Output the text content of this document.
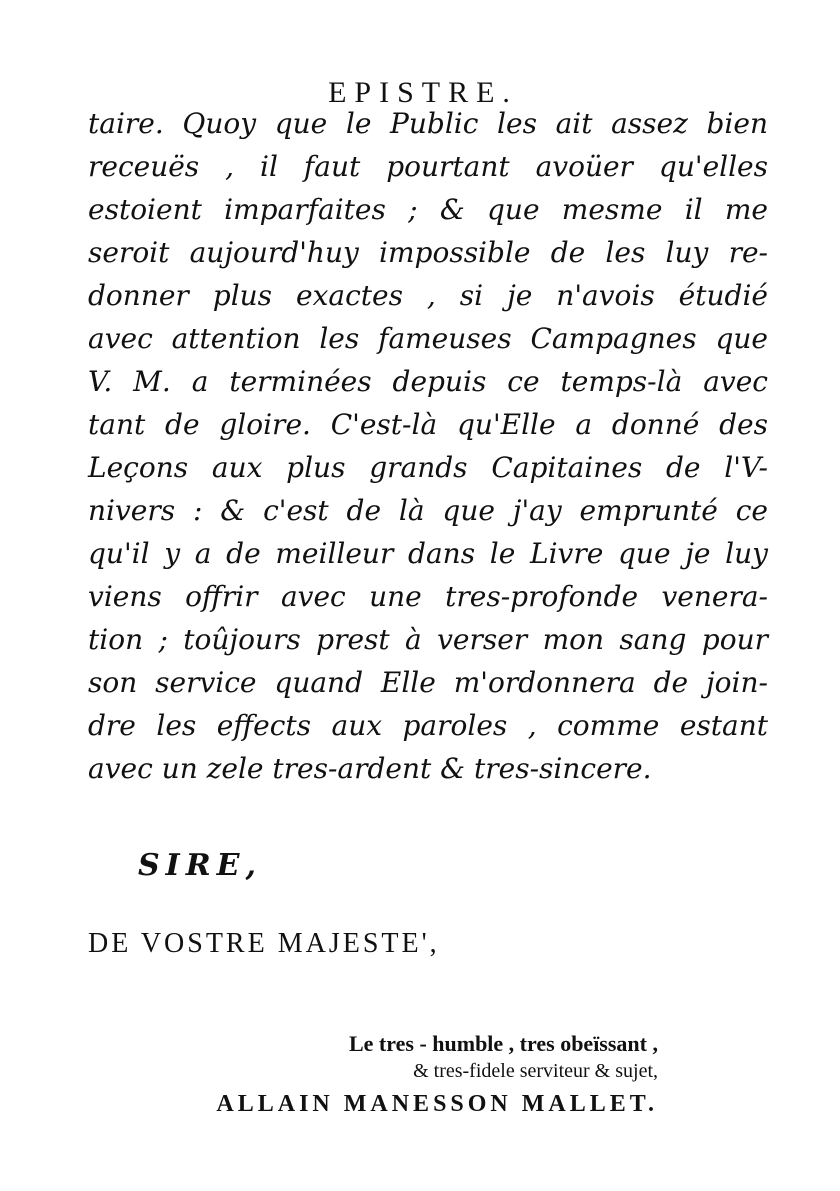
EPISTRE.
taire. Quoy que le Public les ait assez bien
receuës , il faut pourtant avoüer qu'elles
estoient imparfaites ; & que mesme il me
seroit aujourd'huy impossible de les luy re-
donner plus exactes , si je n'avois étudié
avec attention les fameuses Campagnes que
V. M. a terminées depuis ce temps-là avec
tant de gloire. C'est-là qu'Elle a donné des
Leçons aux plus grands Capitaines de l'V-
nivers : & c'est de là que j'ay emprunté ce
qu'il y a de meilleur dans le Livre que je luy
viens offrir avec une tres-profonde venera-
tion ; toûjours prest à verser mon sang pour
son service quand Elle m'ordonnera de join-
dre les effects aux paroles , comme estant
avec un zele tres-ardent & tres-sincere.
SIRE,
DE VOSTRE MAJESTE',
Le tres - humble , tres obeïssant ,
& tres-fidele serviteur & sujet,
ALLAIN MANESSON MALLET.
